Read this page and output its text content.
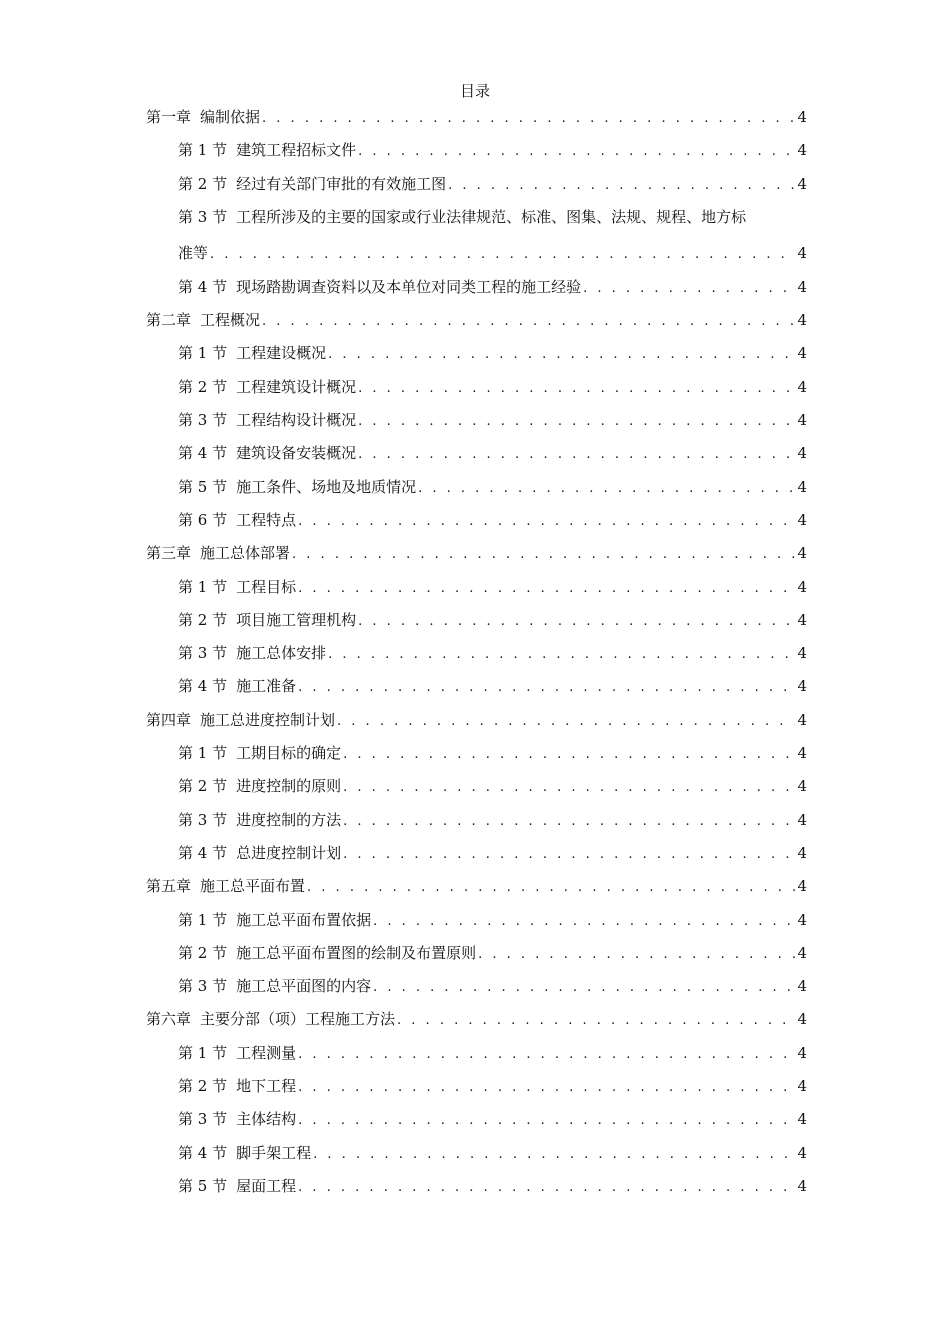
目录
第一章 编制依据 . . .	4
第 1 节 建筑工程招标文件 . . .	4
第 2 节 经过有关部门审批的有效施工图 . . .	4
第 3 节 工程所涉及的主要的国家或行业法律规范、标准、图集、法规、规程、地方标
准等 . . .	4
第 4 节 现场踏勘调查资料以及本单位对同类工程的施工经验 . . .	4
第二章 工程概况 . . .	4
第 1 节 工程建设概况 . . .	4
第 2 节 工程建筑设计概况 . . .	4
第 3 节 工程结构设计概况 . . .	4
第 4 节 建筑设备安装概况 . . .	4
第 5 节 施工条件、场地及地质情况 . . .	4
第 6 节 工程特点 . . .	4
第三章 施工总体部署 . . .	4
第 1 节 工程目标 . . .	4
第 2 节 项目施工管理机构 . . .	4
第 3 节 施工总体安排 . . .	4
第 4 节 施工准备 . . .	4
第四章 施工总进度控制计划 . . .	4
第 1 节 工期目标的确定 . . .	4
第 2 节 进度控制的原则 . . .	4
第 3 节 进度控制的方法 . . .	4
第 4 节 总进度控制计划 . . .	4
第五章 施工总平面布置 . . .	4
第 1 节 施工总平面布置依据 . . .	4
第 2 节 施工总平面布置图的绘制及布置原则 . . .	4
第 3 节 施工总平面图的内容 . . .	4
第六章 主要分部（项）工程施工方法 . . .	4
第 1 节 工程测量 . . .	4
第 2 节 地下工程 . . .	4
第 3 节 主体结构 . . .	4
第 4 节 脚手架工程 . . .	4
第 5 节 屋面工程 . . .	4
